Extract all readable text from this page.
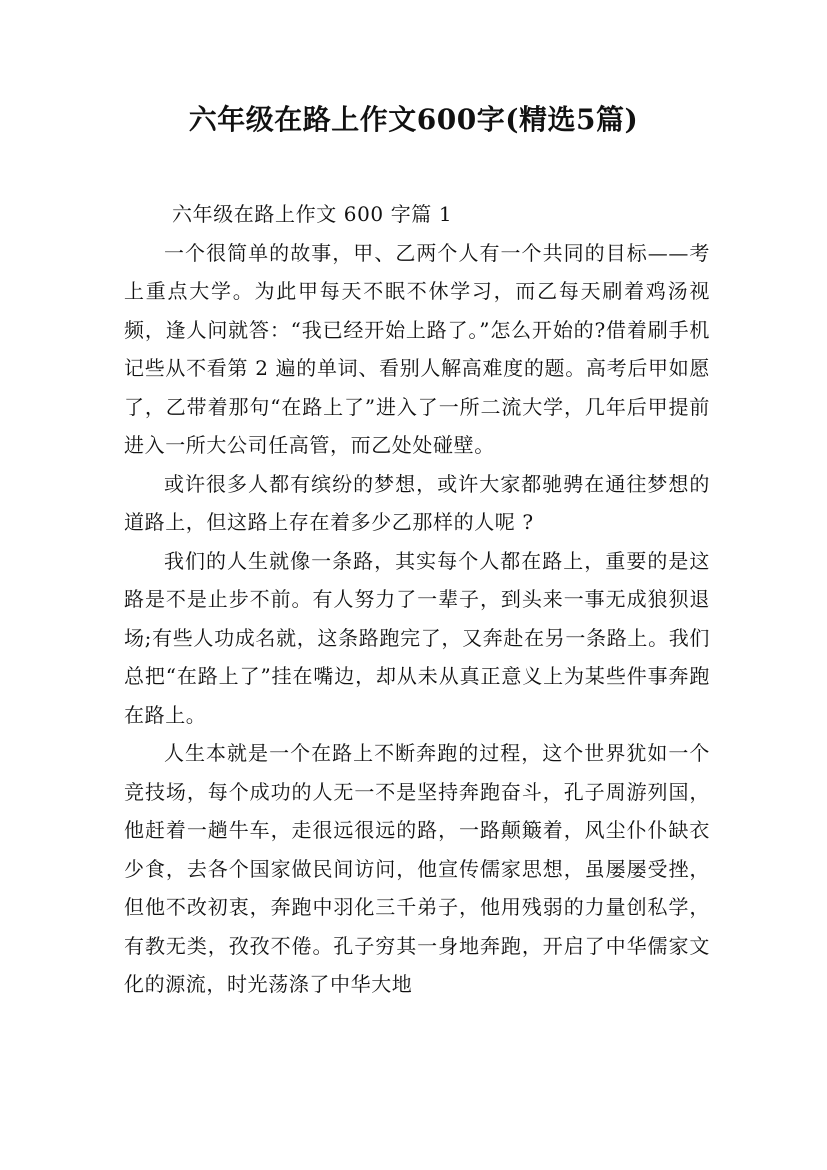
六年级在路上作文600字(精选5篇)

六年级在路上作文 600 字篇 1

一个很简单的故事，甲、乙两个人有一个共同的目标——考上重点大学。为此甲每天不眠不休学习，而乙每天刷着鸡汤视频，逢人问就答：“我已经开始上路了。”怎么开始的?借着刷手机记些从不看第 2 遍的单词、看别人解高难度的题。高考后甲如愿了，乙带着那句“在路上了”进入了一所二流大学，几年后甲提前进入一所大公司任高管，而乙处处碰壁。

或许很多人都有缤纷的梦想，或许大家都驰骋在通往梦想的道路上，但这路上存在着多少乙那样的人呢 ?

我们的人生就像一条路，其实每个人都在路上，重要的是这路是不是止步不前。有人努力了一辈子，到头来一事无成狼狈退场;有些人功成名就，这条路跑完了，又奔赴在另一条路上。我们总把“在路上了”挂在嘴边，却从未从真正意义上为某些件事奔跑在路上。

人生本就是一个在路上不断奔跑的过程，这个世界犹如一个竞技场，每个成功的人无一不是坚持奔跑奋斗，孔子周游列国，他赶着一趟牛车，走很远很远的路，一路颠簸着，风尘仆仆缺衣少食，去各个国家做民间访问，他宣传儒家思想，虽屡屡受挫，但他不改初衷，奔跑中羽化三千弟子，他用残弱的力量创私学，有教无类，孜孜不倦。孔子穷其一身地奔跑，开启了中华儒家文化的源流，时光荡涤了中华大地
